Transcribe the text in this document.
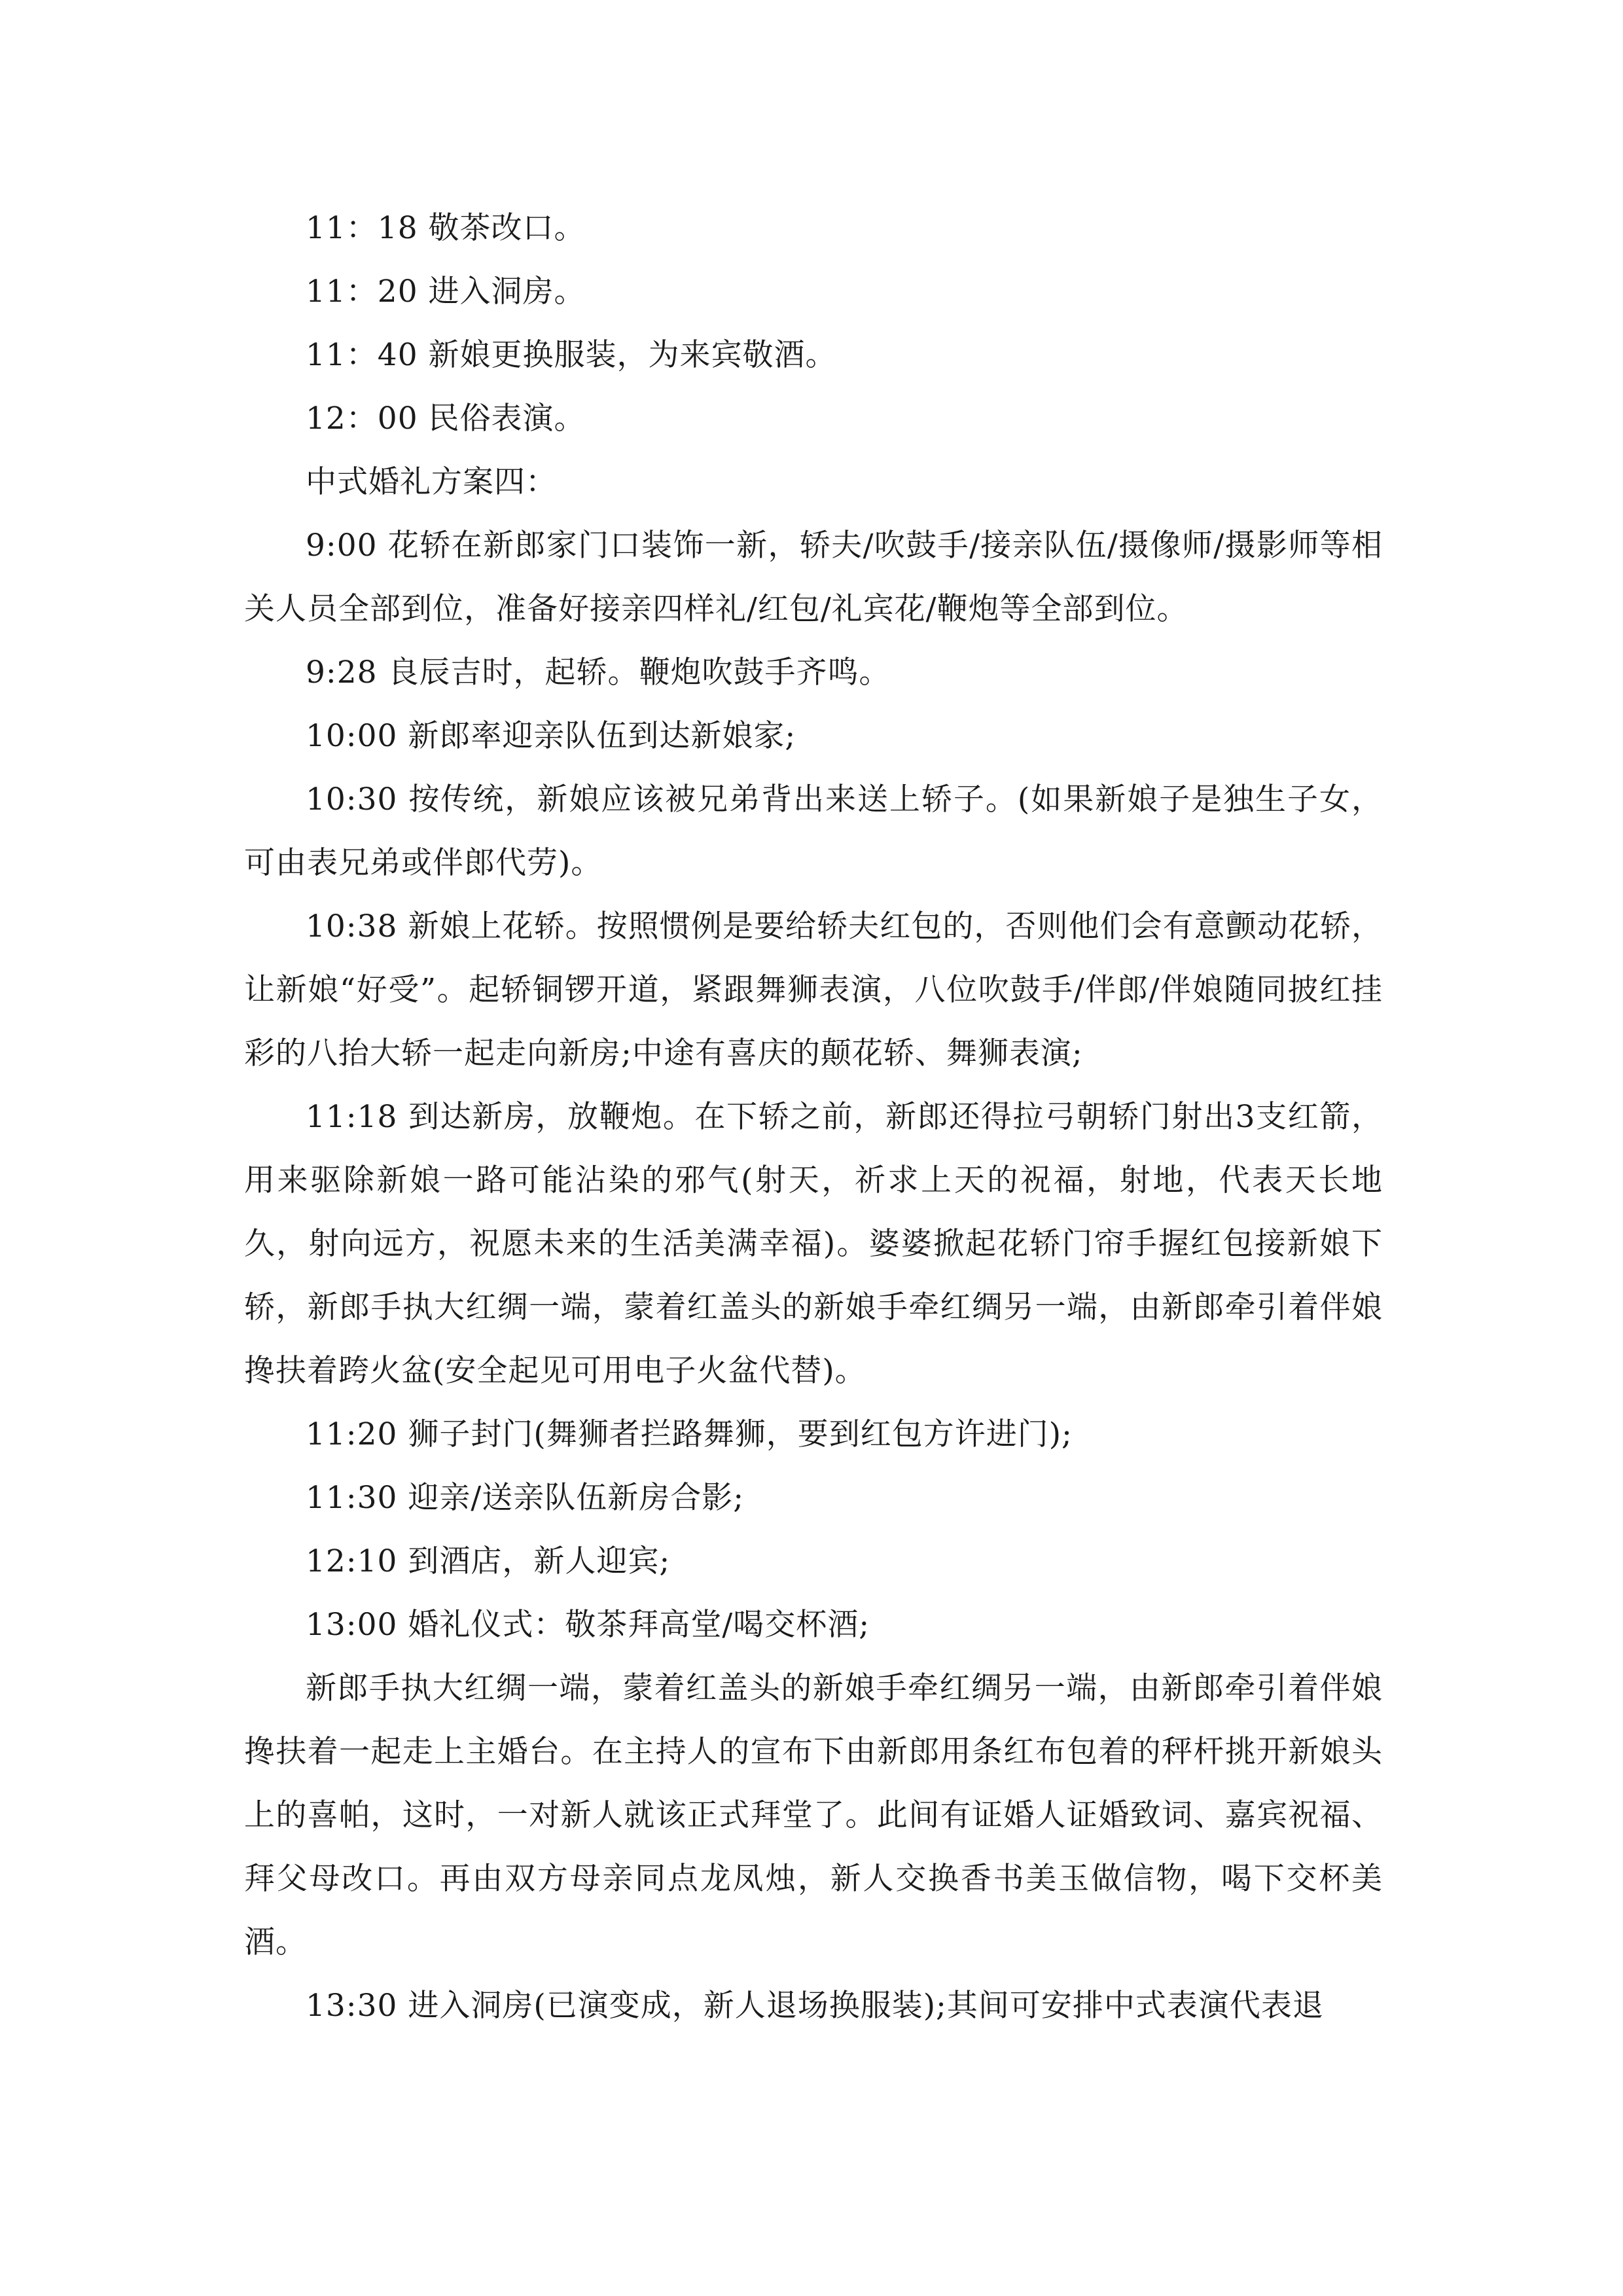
11：18 敬茶改口。

11：20 进入洞房。

11：40 新娘更换服装，为来宾敬酒。

12：00 民俗表演。

中式婚礼方案四：

9:00 花轿在新郎家门口装饰一新，轿夫/吹鼓手/接亲队伍/摄像师/摄影师等相关人员全部到位，准备好接亲四样礼/红包/礼宾花/鞭炮等全部到位。

9:28 良辰吉时，起轿。鞭炮吹鼓手齐鸣。

10:00 新郎率迎亲队伍到达新娘家;

10:30 按传统，新娘应该被兄弟背出来送上轿子。(如果新娘子是独生子女，可由表兄弟或伴郎代劳)。

10:38 新娘上花轿。按照惯例是要给轿夫红包的，否则他们会有意颤动花轿，让新娘“好受”。起轿铜锣开道，紧跟舞狮表演，八位吹鼓手/伴郎/伴娘随同披红挂彩的八抬大轿一起走向新房;中途有喜庆的颠花轿、舞狮表演;

11:18 到达新房，放鞭炮。在下轿之前，新郎还得拉弓朝轿门射出3支红箭，用来驱除新娘一路可能沾染的邪气(射天，祈求上天的祝福，射地，代表天长地久，射向远方，祝愿未来的生活美满幸福)。婆婆掀起花轿门帘手握红包接新娘下轿，新郎手执大红绸一端，蒙着红盖头的新娘手牵红绸另一端，由新郎牵引着伴娘搀扶着跨火盆(安全起见可用电子火盆代替)。

11:20 狮子封门(舞狮者拦路舞狮，要到红包方许进门);

11:30 迎亲/送亲队伍新房合影;

12:10 到酒店，新人迎宾;

13:00 婚礼仪式：敬茶拜高堂/喝交杯酒;

新郎手执大红绸一端，蒙着红盖头的新娘手牵红绸另一端，由新郎牵引着伴娘搀扶着一起走上主婚台。在主持人的宣布下由新郎用条红布包着的秤杆挑开新娘头上的喜帕，这时，一对新人就该正式拜堂了。此间有证婚人证婚致词、嘉宾祝福、拜父母改口。再由双方母亲同点龙凤烛，新人交换香书美玉做信物，喝下交杯美酒。

13:30 进入洞房(已演变成，新人退场换服装);其间可安排中式表演代表退
